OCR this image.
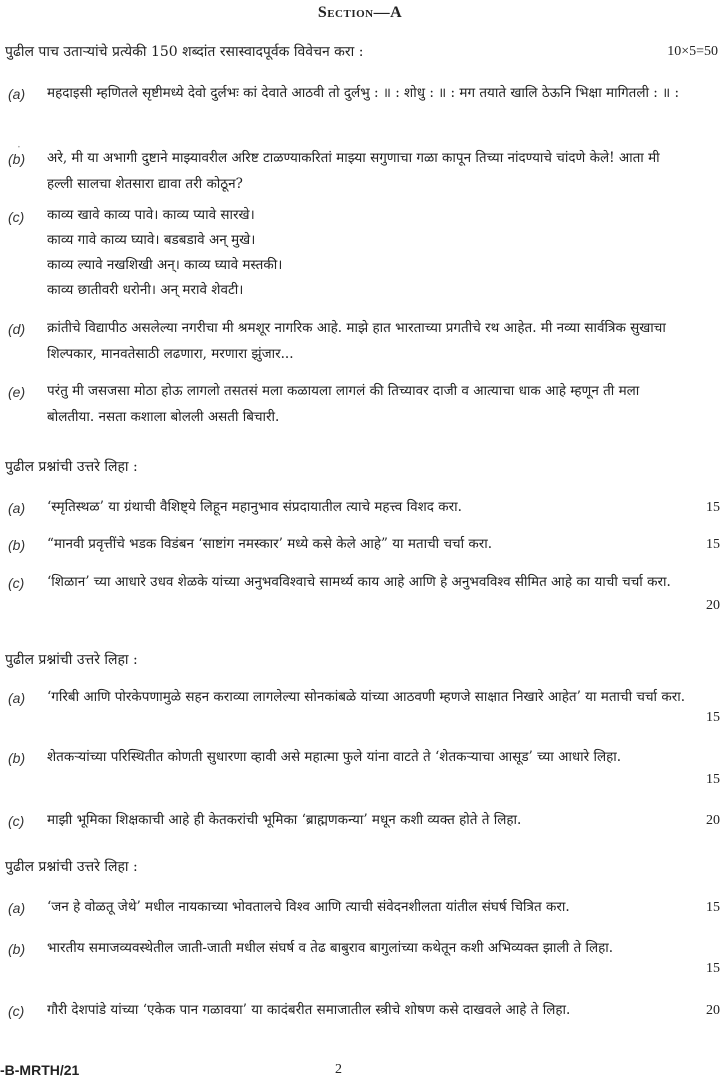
Section—A
पुढील पाच उताऱ्यांचे प्रत्येकी 150 शब्दांत रसास्वादपूर्वक विवेचन करा :	10×5=50
(a) महदाइसी म्हणितले सृष्टीमध्ये देवो दुर्लभः कां देवाते आठवी तो दुर्लभु : ॥ : शोधु : ॥ : मग तयाते खालि ठेऊनि भिक्षा मागितली : ॥ :
·
(b) अरे, मी या अभागी दुष्टाने माझ्यावरील अरिष्ट टाळण्याकरितां माझ्या सगुणाचा गळा कापून तिच्या नांदण्याचे चांदणे केले! आता मी हल्ली सालचा शेतसारा द्यावा तरी कोठून?
(c) काव्य खावे काव्य पावे। काव्य प्यावे सारखे।
काव्य गावे काव्य घ्यावे। बडबडावे अन् मुखे।
काव्य ल्यावे नखशिखी अन्। काव्य घ्यावे मस्तकी।
काव्य छातीवरी धरोनी। अन् मरावे शेवटी।
(d) क्रांतीचे विद्यापीठ असलेल्या नगरीचा मी श्रमशूर नागरिक आहे. माझे हात भारताच्या प्रगतीचे रथ आहेत. मी नव्या सार्वत्रिक सुखाचा शिल्पकार, मानवतेसाठी लढणारा, मरणारा झुंजार...
(e) परंतु मी जसजसा मोठा होऊ लागलो तसतसं मला कळायला लागलं की तिच्यावर दाजी व आत्याचा धाक आहे म्हणून ती मला बोलतीया. नसता कशाला बोलली असती बिचारी.
पुढील प्रश्नांची उत्तरे लिहा :
(a) ‘स्मृतिस्थळ’ या ग्रंथाची वैशिष्ट्ये लिहून महानुभाव संप्रदायातील त्याचे महत्त्व विशद करा.	15
(b) “मानवी प्रवृत्तींचे भडक विडंबन ‘साष्टांग नमस्कार’ मध्ये कसे केले आहे” या मताची चर्चा करा.	15
(c) ‘शिळान’ च्या आधारे उधव शेळके यांच्या अनुभवविश्वाचे सामर्थ्य काय आहे आणि हे अनुभवविश्व सीमित आहे का याची चर्चा करा.
20
पुढील प्रश्नांची उत्तरे लिहा :
(a) ‘गरिबी आणि पोरकेपणामुळे सहन कराव्या लागलेल्या सोनकांबळे यांच्या आठवणी म्हणजे साक्षात निखारे आहेत’ या मताची चर्चा करा.
15
(b) शेतकऱ्यांच्या परिस्थितीत कोणती सुधारणा व्हावी असे महात्मा फुले यांना वाटते ते ‘शेतकऱ्याचा आसूड’ च्या आधारे लिहा.
15
(c) माझी भूमिका शिक्षकाची आहे ही केतकरांची भूमिका ‘ब्राह्मणकन्या’ मधून कशी व्यक्त होते ते लिहा.	20
पुढील प्रश्नांची उत्तरे लिहा :
(a) ‘जन हे वोळतू जेथे’ मधील नायकाच्या भोवतालचे विश्व आणि त्याची संवेदनशीलता यांतील संघर्ष चित्रित करा.	15
(b) भारतीय समाजव्यवस्थेतील जाती-जाती मधील संघर्ष व तेढ बाबुराव बागुलांच्या कथेतून कशी अभिव्यक्त झाली ते लिहा.
15
(c) गौरी देशपांडे यांच्या ‘एकेक पान गळावया’ या कादंबरीत समाजातील स्त्रीचे शोषण कसे दाखवले आहे ते लिहा.	20
-B-MRTH/21	2
